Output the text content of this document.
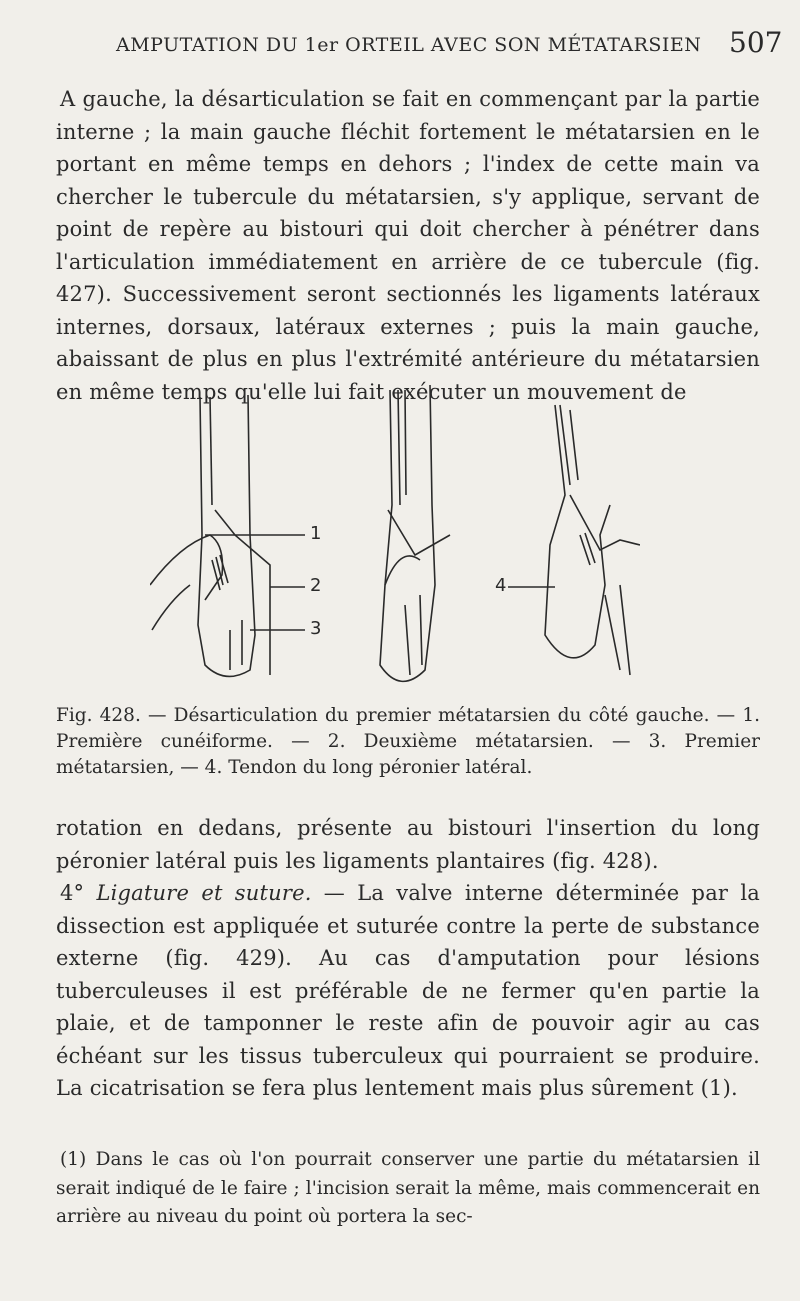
AMPUTATION DU 1er ORTEIL AVEC SON MÉTATARSIEN 507

A gauche, la désarticulation se fait en commençant par la partie interne ; la main gauche fléchit fortement le métatarsien en le portant en même temps en dehors ; l'index de cette main va chercher le tubercule du métatarsien, s'y applique, servant de point de repère au bistouri qui doit chercher à pénétrer dans l'articulation immédiatement en arrière de ce tubercule (fig. 427). Successivement seront sectionnés les ligaments latéraux internes, dorsaux, latéraux externes ; puis la main gauche, abaissant de plus en plus l'extrémité antérieure du métatarsien en même temps qu'elle lui fait exécuter un mouvement de

1
2
3
4

Fig. 428. — Désarticulation du premier métatarsien du côté gauche. — 1. Première cunéiforme. — 2. Deuxième métatarsien. — 3. Premier métatarsien, — 4. Tendon du long péronier latéral.

rotation en dedans, présente au bistouri l'insertion du long péronier latéral puis les ligaments plantaires (fig. 428).

4° Ligature et suture. — La valve interne déterminée par la dissection est appliquée et suturée contre la perte de substance externe (fig. 429). Au cas d'amputation pour lésions tuberculeuses il est préférable de ne fermer qu'en partie la plaie, et de tamponner le reste afin de pouvoir agir au cas échéant sur les tissus tuberculeux qui pourraient se produire. La cicatrisation se fera plus lentement mais plus sûrement (1).

(1) Dans le cas où l'on pourrait conserver une partie du métatarsien il serait indiqué de le faire ; l'incision serait la même, mais commencerait en arrière au niveau du point où portera la sec-
